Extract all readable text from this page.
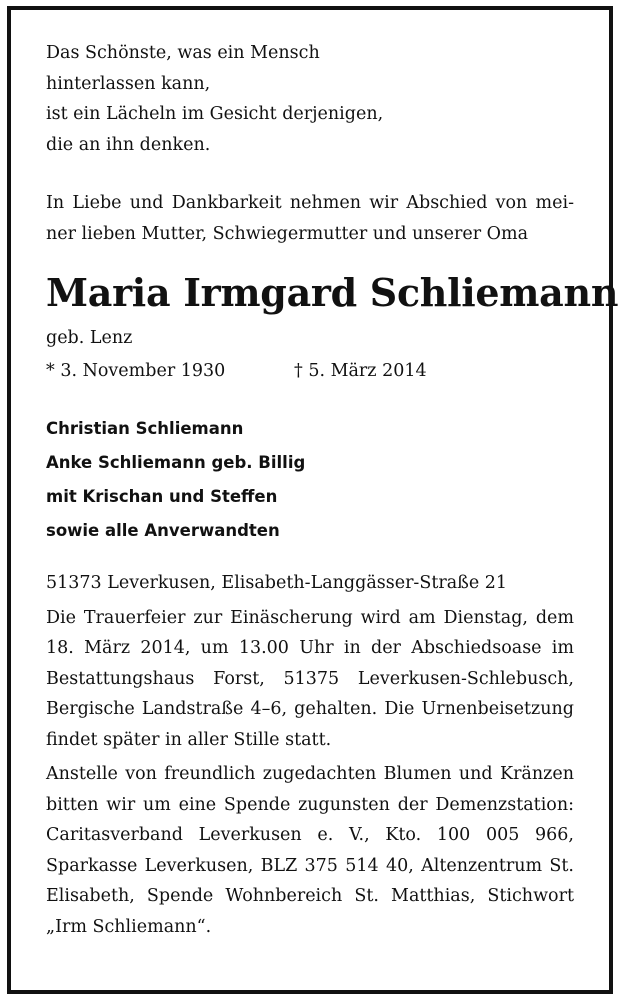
Das Schönste, was ein Mensch
hinterlassen kann,
ist ein Lächeln im Gesicht derjenigen,
die an ihn denken.
In Liebe und Dankbarkeit nehmen wir Abschied von mei-
ner lieben Mutter, Schwiegermutter und unserer Oma
Maria Irmgard Schliemann
geb. Lenz
* 3. November 1930	† 5. März 2014
Christian Schliemann
Anke Schliemann geb. Billig
mit Krischan und Steffen
sowie alle Anverwandten
51373 Leverkusen, Elisabeth-Langgässer-Straße 21
Die Trauerfeier zur Einäscherung wird am Dienstag, dem
18. März 2014, um 13.00 Uhr in der Abschiedsoase im
Bestattungshaus Forst, 51375 Leverkusen-Schlebusch,
Bergische Landstraße 4–6, gehalten. Die Urnenbeisetzung
findet später in aller Stille statt.
Anstelle von freundlich zugedachten Blumen und Kränzen
bitten wir um eine Spende zugunsten der Demenzstation:
Caritasverband Leverkusen e. V., Kto. 100 005 966,
Sparkasse Leverkusen, BLZ 375 514 40, Altenzentrum St.
Elisabeth, Spende Wohnbereich St. Matthias, Stichwort
„Irm Schliemann“.
